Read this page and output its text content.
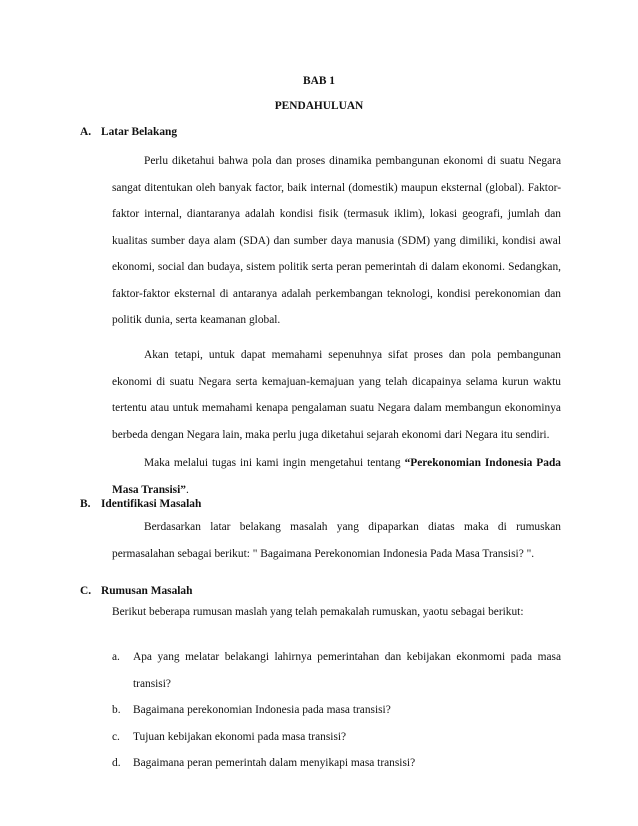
BAB 1
PENDAHULUAN
A. Latar Belakang

Perlu diketahui bahwa pola dan proses dinamika pembangunan ekonomi di suatu Negara sangat ditentukan oleh banyak factor, baik internal (domestik) maupun eksternal (global). Faktor-faktor internal, diantaranya adalah kondisi fisik (termasuk iklim), lokasi geografi, jumlah dan kualitas sumber daya alam (SDA) dan sumber daya manusia (SDM) yang dimiliki, kondisi awal ekonomi, social dan budaya, sistem politik serta peran pemerintah di dalam ekonomi. Sedangkan, faktor-faktor eksternal di antaranya adalah perkembangan teknologi, kondisi perekonomian dan politik dunia, serta keamanan global.

Akan tetapi, untuk dapat memahami sepenuhnya sifat proses dan pola pembangunan ekonomi di suatu Negara serta kemajuan-kemajuan yang telah dicapainya selama kurun waktu tertentu atau untuk memahami kenapa pengalaman suatu Negara dalam membangun ekonominya berbeda dengan Negara lain, maka perlu juga diketahui sejarah ekonomi dari Negara itu sendiri.

Maka melalui tugas ini kami ingin mengetahui tentang “Perekonomian Indonesia Pada Masa Transisi”.

B. Identifikasi Masalah

Berdasarkan latar belakang masalah yang dipaparkan diatas maka di rumuskan permasalahan sebagai berikut: " Bagaimana Perekonomian Indonesia Pada Masa Transisi? ".

C. Rumusan Masalah

Berikut beberapa rumusan maslah yang telah pemakalah rumuskan, yaotu sebagai berikut:

a. Apa yang melatar belakangi lahirnya pemerintahan dan kebijakan ekonmomi pada masa transisi?
b. Bagaimana perekonomian Indonesia pada masa transisi?
c. Tujuan kebijakan ekonomi pada masa transisi?
d. Bagaimana peran pemerintah dalam menyikapi masa transisi?
